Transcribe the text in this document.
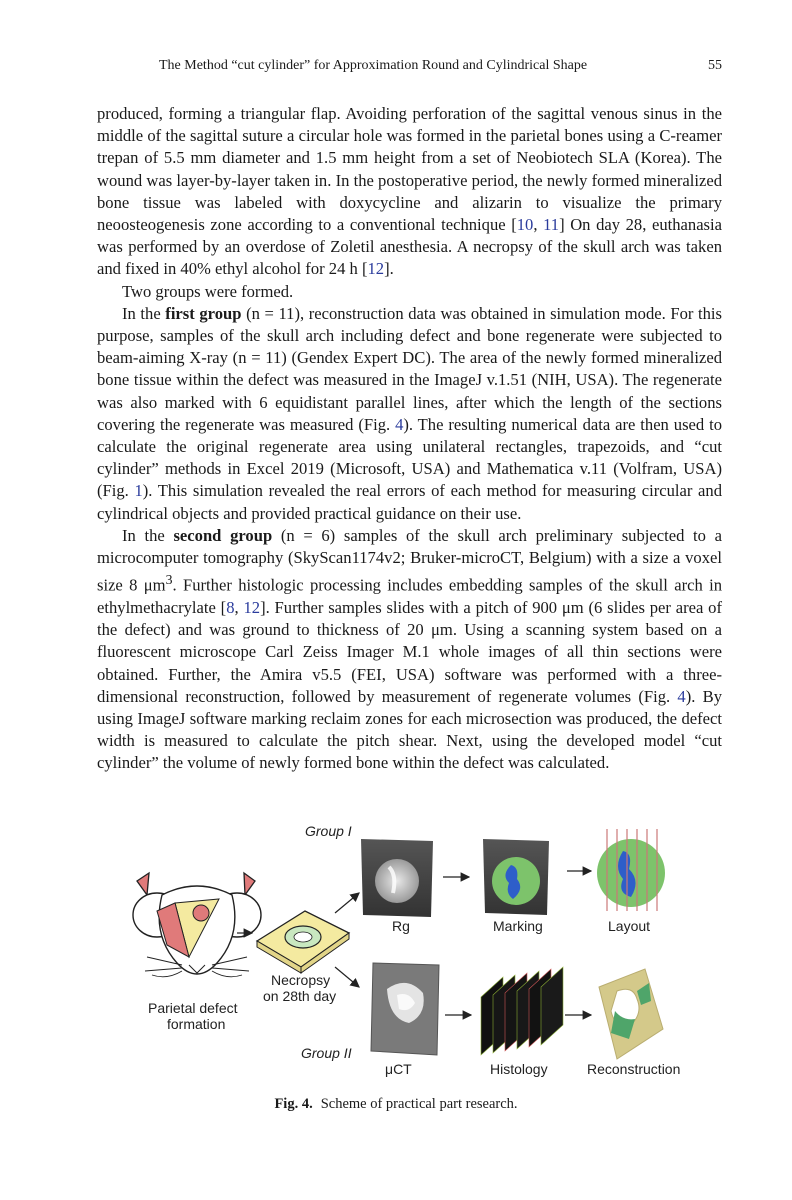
The Method “cut cylinder” for Approximation Round and Cylindrical Shape	55

produced, forming a triangular flap. Avoiding perforation of the sagittal venous sinus in the middle of the sagittal suture a circular hole was formed in the parietal bones using a C-reamer trepan of 5.5 mm diameter and 1.5 mm height from a set of Neobiotech SLA (Korea). The wound was layer-by-layer taken in. In the postoperative period, the newly formed mineralized bone tissue was labeled with doxycycline and alizarin to visualize the primary neoosteogenesis zone according to a conventional technique [10, 11] On day 28, euthanasia was performed by an overdose of Zoletil anesthesia. A necropsy of the skull arch was taken and fixed in 40% ethyl alcohol for 24 h [12].

Two groups were formed.

In the first group (n = 11), reconstruction data was obtained in simulation mode. For this purpose, samples of the skull arch including defect and bone regenerate were subjected to beam-aiming X-ray (n = 11) (Gendex Expert DC). The area of the newly formed mineralized bone tissue within the defect was measured in the ImageJ v.1.51 (NIH, USA). The regenerate was also marked with 6 equidistant parallel lines, after which the length of the sections covering the regenerate was measured (Fig. 4). The resulting numerical data are then used to calculate the original regenerate area using unilateral rectangles, trapezoids, and “cut cylinder” methods in Excel 2019 (Microsoft, USA) and Mathematica v.11 (Volfram, USA) (Fig. 1). This simulation revealed the real errors of each method for measuring circular and cylindrical objects and provided practical guidance on their use.

In the second group (n = 6) samples of the skull arch preliminary subjected to a microcomputer tomography (SkyScan1174v2; Bruker-microCT, Belgium) with a size a voxel size 8 $\mu m^3$. Further histologic processing includes embedding samples of the skull arch in ethylmethacrylate [8, 12]. Further samples slides with a pitch of 900 μm (6 slides per area of the defect) and was ground to thickness of 20 μm. Using a scanning system based on a fluorescent microscope Carl Zeiss Imager M.1 whole images of all thin sections were obtained. Further, the Amira v5.5 (FEI, USA) software was performed with a three-dimensional reconstruction, followed by measurement of regenerate volumes (Fig. 4). By using ImageJ software marking reclaim zones for each microsection was produced, the defect width is measured to calculate the pitch shear. Next, using the developed model “cut cylinder” the volume of newly formed bone within the defect was calculated.

Group I
Rg	Marking	Layout
Necropsy
on 28th day
Parietal defect
formation
Group II
μCT	Histology	Reconstruction
Fig. 4. Scheme of practical part research.
